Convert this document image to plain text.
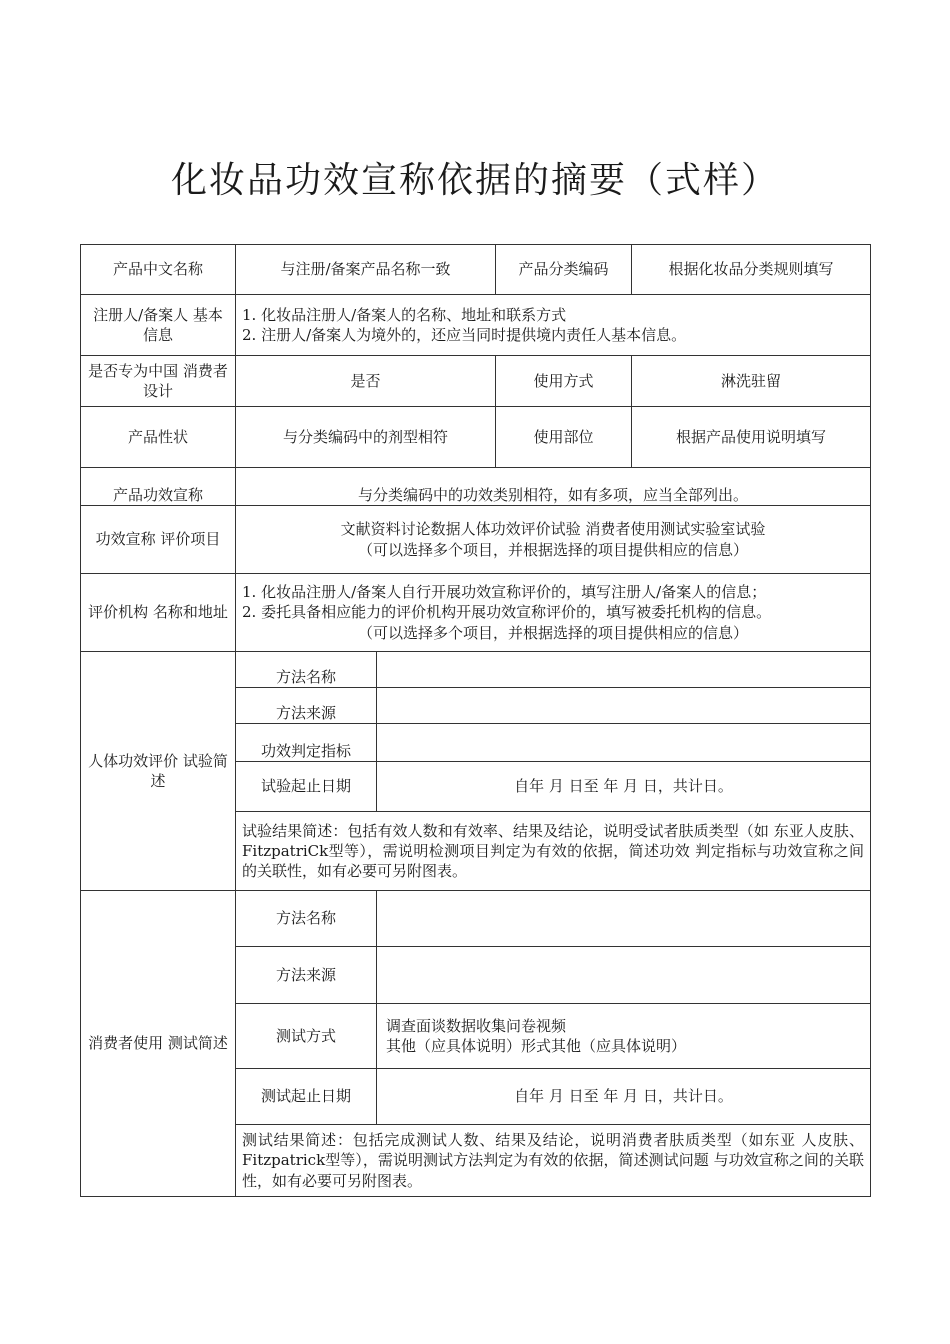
化妆品功效宣称依据的摘要（式样）
产品中文名称	与注册/备案产品名称一致		产品分类编码	根据化妆品分类规则填写
注册人/备案人 基本信息	1. 化妆品注册人/备案人的名称、地址和联系方式
2. 注册人/备案人为境外的，还应当同时提供境内责任人基本信息。			

是否专为中国 消费者设计	是否		使用方式	淋洗驻留
产品性状	与分类编码中的剂型相符		使用部位	根据产品使用说明填写
产品功效宣称	与分类编码中的功效类别相符，如有多项，应当全部列出。			
功效宣称 评价项目	文献资料讨论数据人体功效评价试验 消费者使用测试实验室试验
（可以选择多个项目，并根据选择的项目提供相应的信息）			

评价机构 名称和地址	1. 化妆品注册人/备案人自行开展功效宣称评价的，填写注册人/备案人的信息；
2. 委托具备相应能力的评价机构开展功效宣称评价的，填写被委托机构的信息。
（可以选择多个项目，并根据选择的项目提供相应的信息）			

人体功效评价 试验简述	方法名称			
	方法来源			
	功效判定指标			
	试验起止日期	自年 月 日至 年 月 日，共计日。		
	试验结果简述：包括有效人数和有效率、结果及结论，说明受试者肤质类型（如 东亚人皮肤、FitzpatriCk型等），需说明检测项目判定为有效的依据，简述功效 判定指标与功效宣称之间的关联性，如有必要可另附图表。			
消费者使用 测试简述	方法名称			
	方法来源			
	测试方式	调查面谈数据收集问卷视频
其他（应具体说明）形式其他（应具体说明）		

	测试起止日期	自年 月 日至 年 月 日，共计日。		
	测试结果简述：包括完成测试人数、结果及结论，说明消费者肤质类型（如东亚 人皮肤、Fitzpatrick型等），需说明测试方法判定为有效的依据，简述测试问题 与功效宣称之间的关联性，如有必要可另附图表。			
